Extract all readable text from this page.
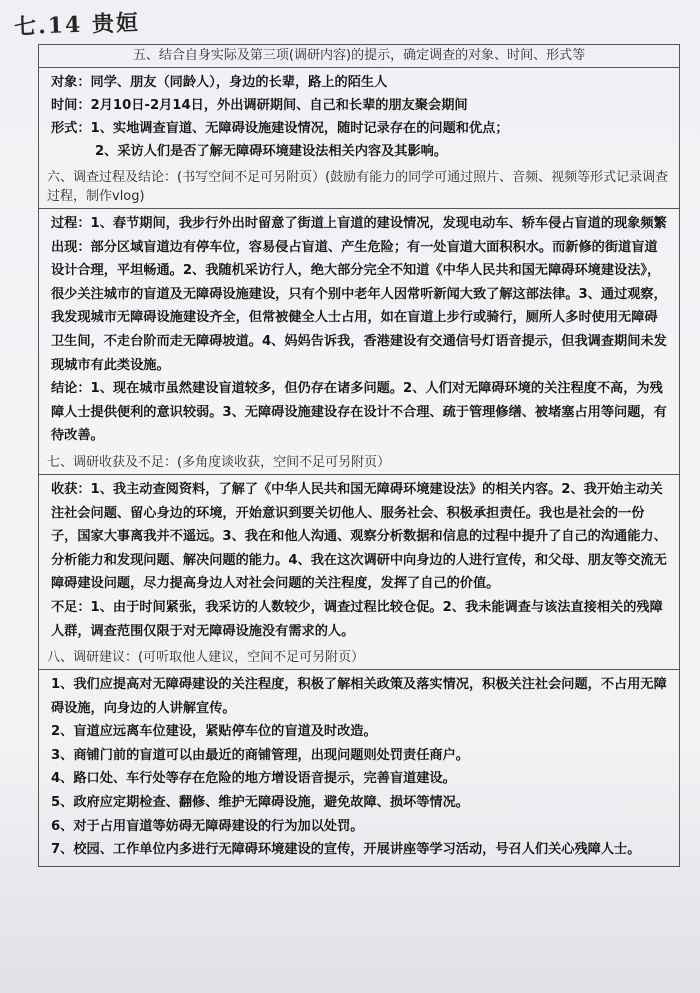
七.14 贵姮
五、结合自身实际及第三项(调研内容)的提示，确定调查的对象、时间、形式等

对象：同学、朋友（同龄人），身边的长辈，路上的陌生人

时间：2月10日-2月14日，外出调研期间、自己和长辈的朋友聚会期间

形式：1、实地调查盲道、无障碍设施建设情况，随时记录存在的问题和优点；

2、采访人们是否了解无障碍环境建设法相关内容及其影响。

六、调查过程及结论：(书写空间不足可另附页）(鼓励有能力的同学可通过照片、音频、视频等形式记录调查过程，制作vlog)

过程：1、春节期间，我步行外出时留意了街道上盲道的建设情况，发现电动车、轿车侵占盲道的现象频繁出现：部分区域盲道边有停车位，容易侵占盲道、产生危险；有一处盲道大面积积水。而新修的街道盲道设计合理，平坦畅通。2、我随机采访行人，绝大部分完全不知道《中华人民共和国无障碍环境建设法》，很少关注城市的盲道及无障碍设施建设，只有个别中老年人因常听新闻大致了解这部法律。3、通过观察，我发现城市无障碍设施建设齐全，但常被健全人士占用，如在盲道上步行或骑行，厕所人多时使用无障碍卫生间，不走台阶而走无障碍坡道。4、妈妈告诉我，香港建设有交通信号灯语音提示，但我调查期间未发现城市有此类设施。

结论：1、现在城市虽然建设盲道较多，但仍存在诸多问题。2、人们对无障碍环境的关注程度不高，为残障人士提供便利的意识较弱。3、无障碍设施建设存在设计不合理、疏于管理修缮、被堵塞占用等问题，有待改善。

七、调研收获及不足：(多角度谈收获，空间不足可另附页）

收获：1、我主动查阅资料，了解了《中华人民共和国无障碍环境建设法》的相关内容。2、我开始主动关注社会问题、留心身边的环境，开始意识到要关切他人、服务社会、积极承担责任。我也是社会的一份子，国家大事离我并不遥远。3、我在和他人沟通、观察分析数据和信息的过程中提升了自己的沟通能力、分析能力和发现问题、解决问题的能力。4、我在这次调研中向身边的人进行宣传，和父母、朋友等交流无障碍建设问题，尽力提高身边人对社会问题的关注程度，发挥了自己的价值。

不足：1、由于时间紧张，我采访的人数较少，调查过程比较仓促。2、我未能调查与该法直接相关的残障人群，调查范围仅限于对无障碍设施没有需求的人。

八、调研建议：(可听取他人建议，空间不足可另附页）

1、我们应提高对无障碍建设的关注程度，积极了解相关政策及落实情况，积极关注社会问题，不占用无障碍设施，向身边的人讲解宣传。

2、盲道应远离车位建设，紧贴停车位的盲道及时改造。

3、商铺门前的盲道可以由最近的商铺管理，出现问题则处罚责任商户。

4、路口处、车行处等存在危险的地方增设语音提示，完善盲道建设。

5、政府应定期检查、翻修、维护无障碍设施，避免故障、损坏等情况。

6、对于占用盲道等妨碍无障碍建设的行为加以处罚。

7、校园、工作单位内多进行无障碍环境建设的宣传，开展讲座等学习活动，号召人们关心残障人士。
